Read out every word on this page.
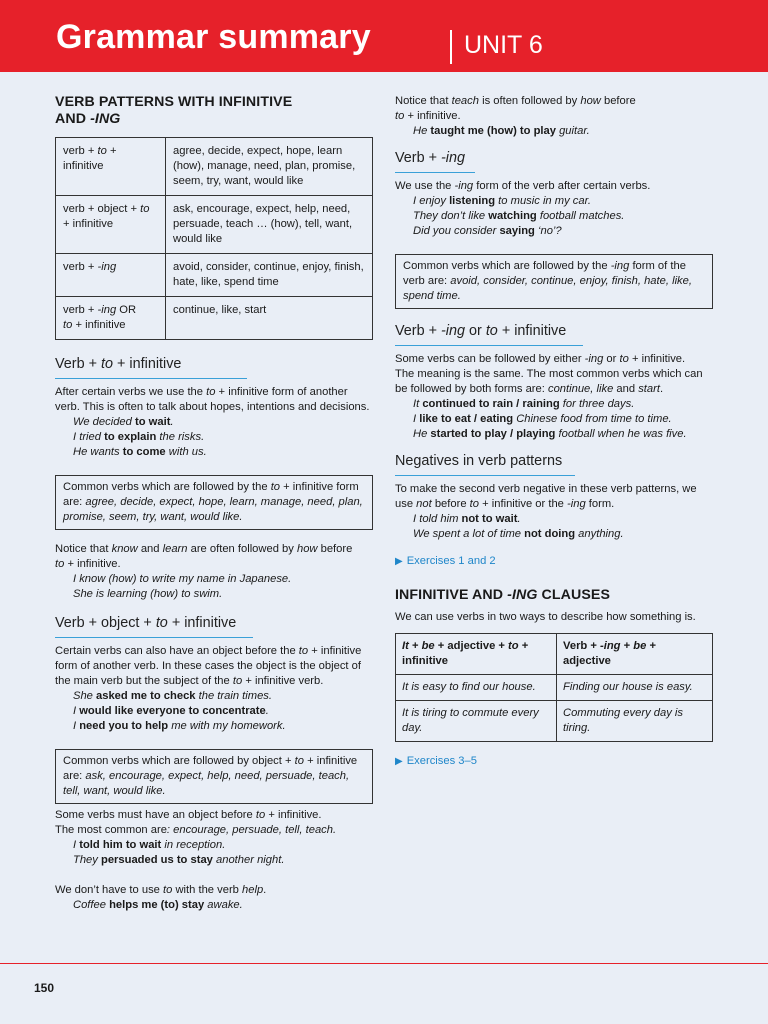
Grammar summary	UNIT 6
VERB PATTERNS WITH INFINITIVE
AND -ING
verb + to + infinitive	agree, decide, expect, hope, learn (how), manage, need, plan, promise, seem, try, want, would like
verb + object + to + infinitive	ask, encourage, expect, help, need, persuade, teach … (how), tell, want, would like
verb + -ing	avoid, consider, continue, enjoy, finish, hate, like, spend time
verb + -ing OR
to + infinitive	continue, like, start
Verb + to + infinitive

After certain verbs we use the to + infinitive form of another verb. This is often to talk about hopes, intentions and decisions.

We decided to wait.
I tried to explain the risks.
He wants to come with us.
Common verbs which are followed by the to + infinitive form are: agree, decide, expect, hope, learn, manage, need, plan, promise, seem, try, want, would like.

Notice that know and learn are often followed by how before
to + infinitive.

I know (how) to write my name in Japanese.
She is learning (how) to swim.
Verb + object + to + infinitive

Certain verbs can also have an object before the to + infinitive form of another verb. In these cases the object is the object of the main verb but the subject of the to + infinitive verb.

She asked me to check the train times.
I would like everyone to concentrate.
I need you to help me with my homework.
Common verbs which are followed by object + to + infinitive are: ask, encourage, expect, help, need, persuade, teach, tell, want, would like.

Some verbs must have an object before to + infinitive.
The most common are: encourage, persuade, tell, teach.

I told him to wait in reception.
They persuaded us to stay another night.

We don’t have to use to with the verb help.

Coffee helps me (to) stay awake.

Notice that teach is often followed by how before
to + infinitive.

He taught me (how) to play guitar.
Verb + -ing

We use the -ing form of the verb after certain verbs.

I enjoy listening to music in my car.
They don’t like watching football matches.
Did you consider saying ‘no’?
Common verbs which are followed by the -ing form of the verb are: avoid, consider, continue, enjoy, finish, hate, like, spend time.
Verb + -ing or to + infinitive

Some verbs can be followed by either -ing or to + infinitive.
The meaning is the same. The most common verbs which can be followed by both forms are: continue, like and start.

It continued to rain / raining for three days.
I like to eat / eating Chinese food from time to time.
He started to play / playing football when he was five.
Negatives in verb patterns

To make the second verb negative in these verb patterns, we use not before to + infinitive or the -ing form.

I told him not to wait.
We spent a lot of time not doing anything.
▶ Exercises 1 and 2
INFINITIVE AND -ING CLAUSES

We can use verbs in two ways to describe how something is.

It + be + adjective + to + infinitive	Verb + -ing + be + adjective
It is easy to find our house.	Finding our house is easy.
It is tiring to commute every day.	Commuting every day is tiring.
▶ Exercises 3–5
150
